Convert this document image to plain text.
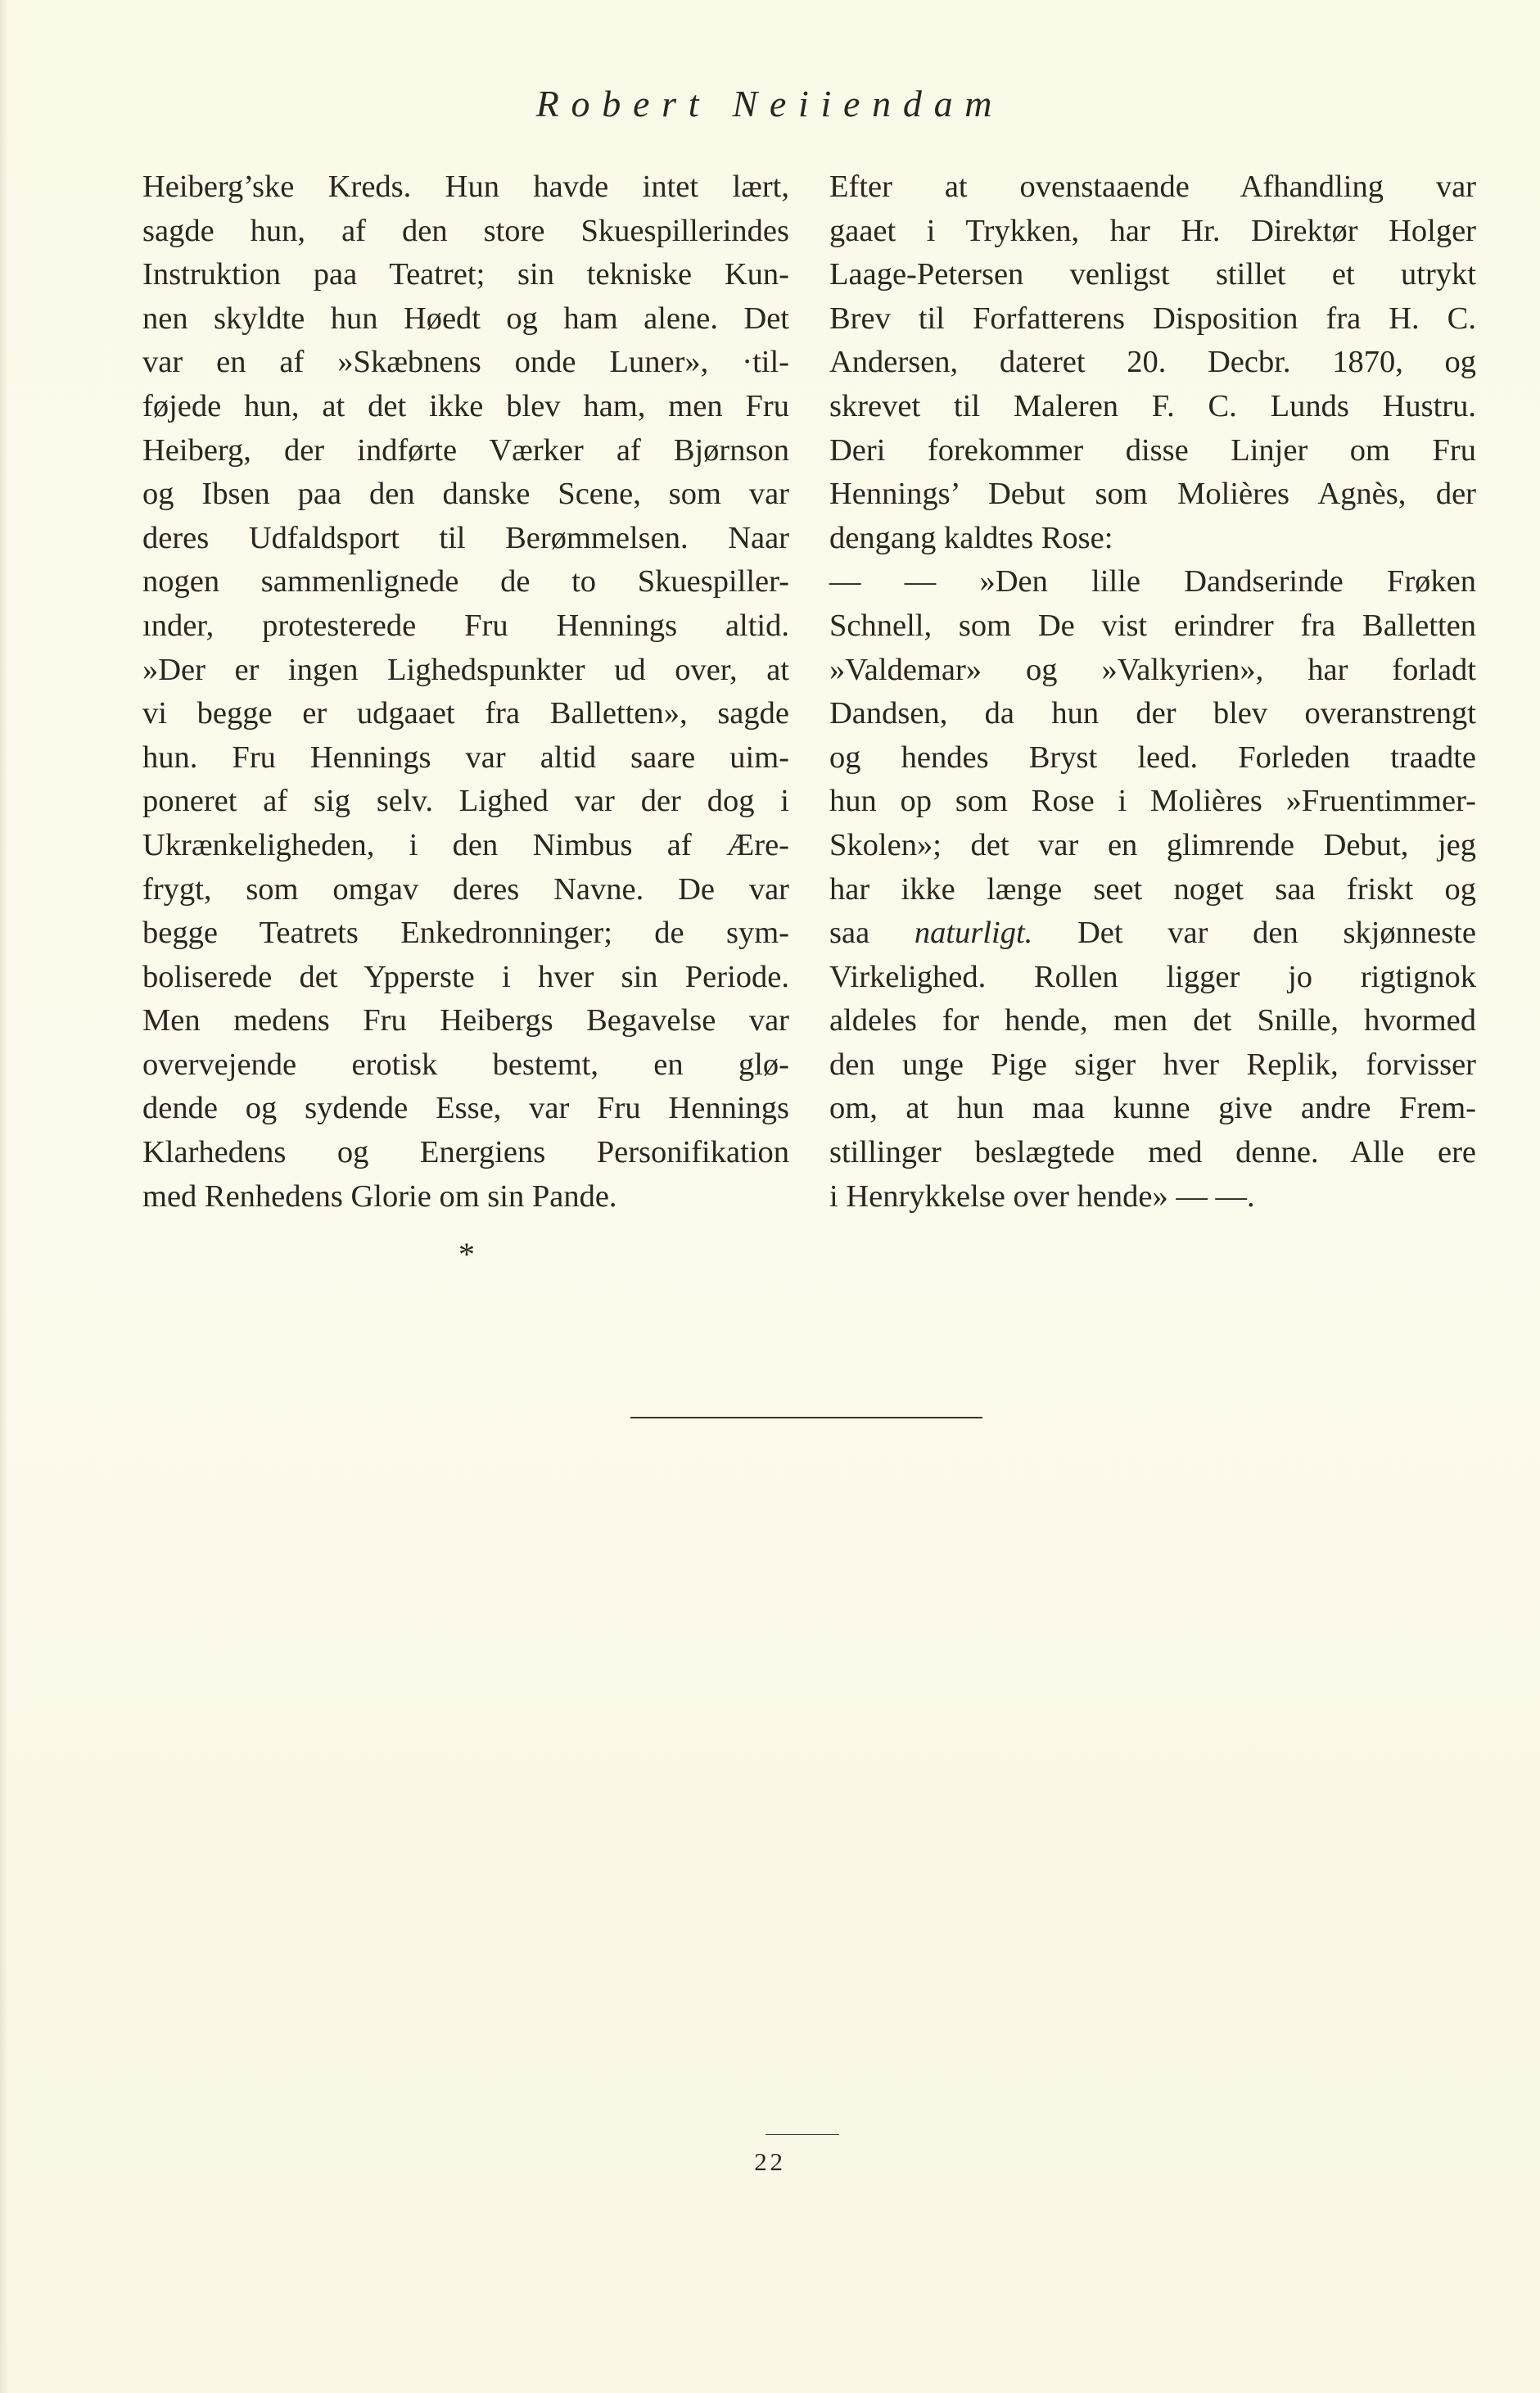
Robert Neiiendam
Heiberg’ske Kreds. Hun havde intet lært,
sagde hun, af den store Skuespillerindes
Instruktion paa Teatret; sin tekniske Kun-
nen skyldte hun Høedt og ham alene. Det
var en af »Skæbnens onde Luner», ·til-
føjede hun, at det ikke blev ham, men Fru
Heiberg, der indførte Værker af Bjørnson
og Ibsen paa den danske Scene, som var
deres Udfaldsport til Berømmelsen. Naar
nogen sammenlignede de to Skuespiller-
ınder, protesterede Fru Hennings altid.
»Der er ingen Lighedspunkter ud over, at
vi begge er udgaaet fra Balletten», sagde
hun. Fru Hennings var altid saare uim-
poneret af sig selv. Lighed var der dog i
Ukrænkeligheden, i den Nimbus af Ære-
frygt, som omgav deres Navne. De var
begge Teatrets Enkedronninger; de sym-
boliserede det Ypperste i hver sin Periode.
Men medens Fru Heibergs Begavelse var
overvejende erotisk bestemt, en glø-
dende og sydende Esse, var Fru Hennings
Klarhedens og Energiens Personifikation
med Renhedens Glorie om sin Pande.
Efter at ovenstaaende Afhandling var
gaaet i Trykken, har Hr. Direktør Holger
Laage-Petersen venligst stillet et utrykt
Brev til Forfatterens Disposition fra H. C.
Andersen, dateret 20. Decbr. 1870, og
skrevet til Maleren F. C. Lunds Hustru.
Deri forekommer disse Linjer om Fru
Hennings’ Debut som Molières Agnès, der
dengang kaldtes Rose:
— — »Den lille Dandserinde Frøken
Schnell, som De vist erindrer fra Balletten
»Valdemar» og »Valkyrien», har forladt
Dandsen, da hun der blev overanstrengt
og hendes Bryst leed. Forleden traadte
hun op som Rose i Molières »Fruentimmer-
Skolen»; det var en glimrende Debut, jeg
har ikke længe seet noget saa friskt og
saa naturligt. Det var den skjønneste
Virkelighed. Rollen ligger jo rigtignok
aldeles for hende, men det Snille, hvormed
den unge Pige siger hver Replik, forvisser
om, at hun maa kunne give andre Frem-
stillinger beslægtede med denne. Alle ere
i Henrykkelse over hende» — —.
*
22
